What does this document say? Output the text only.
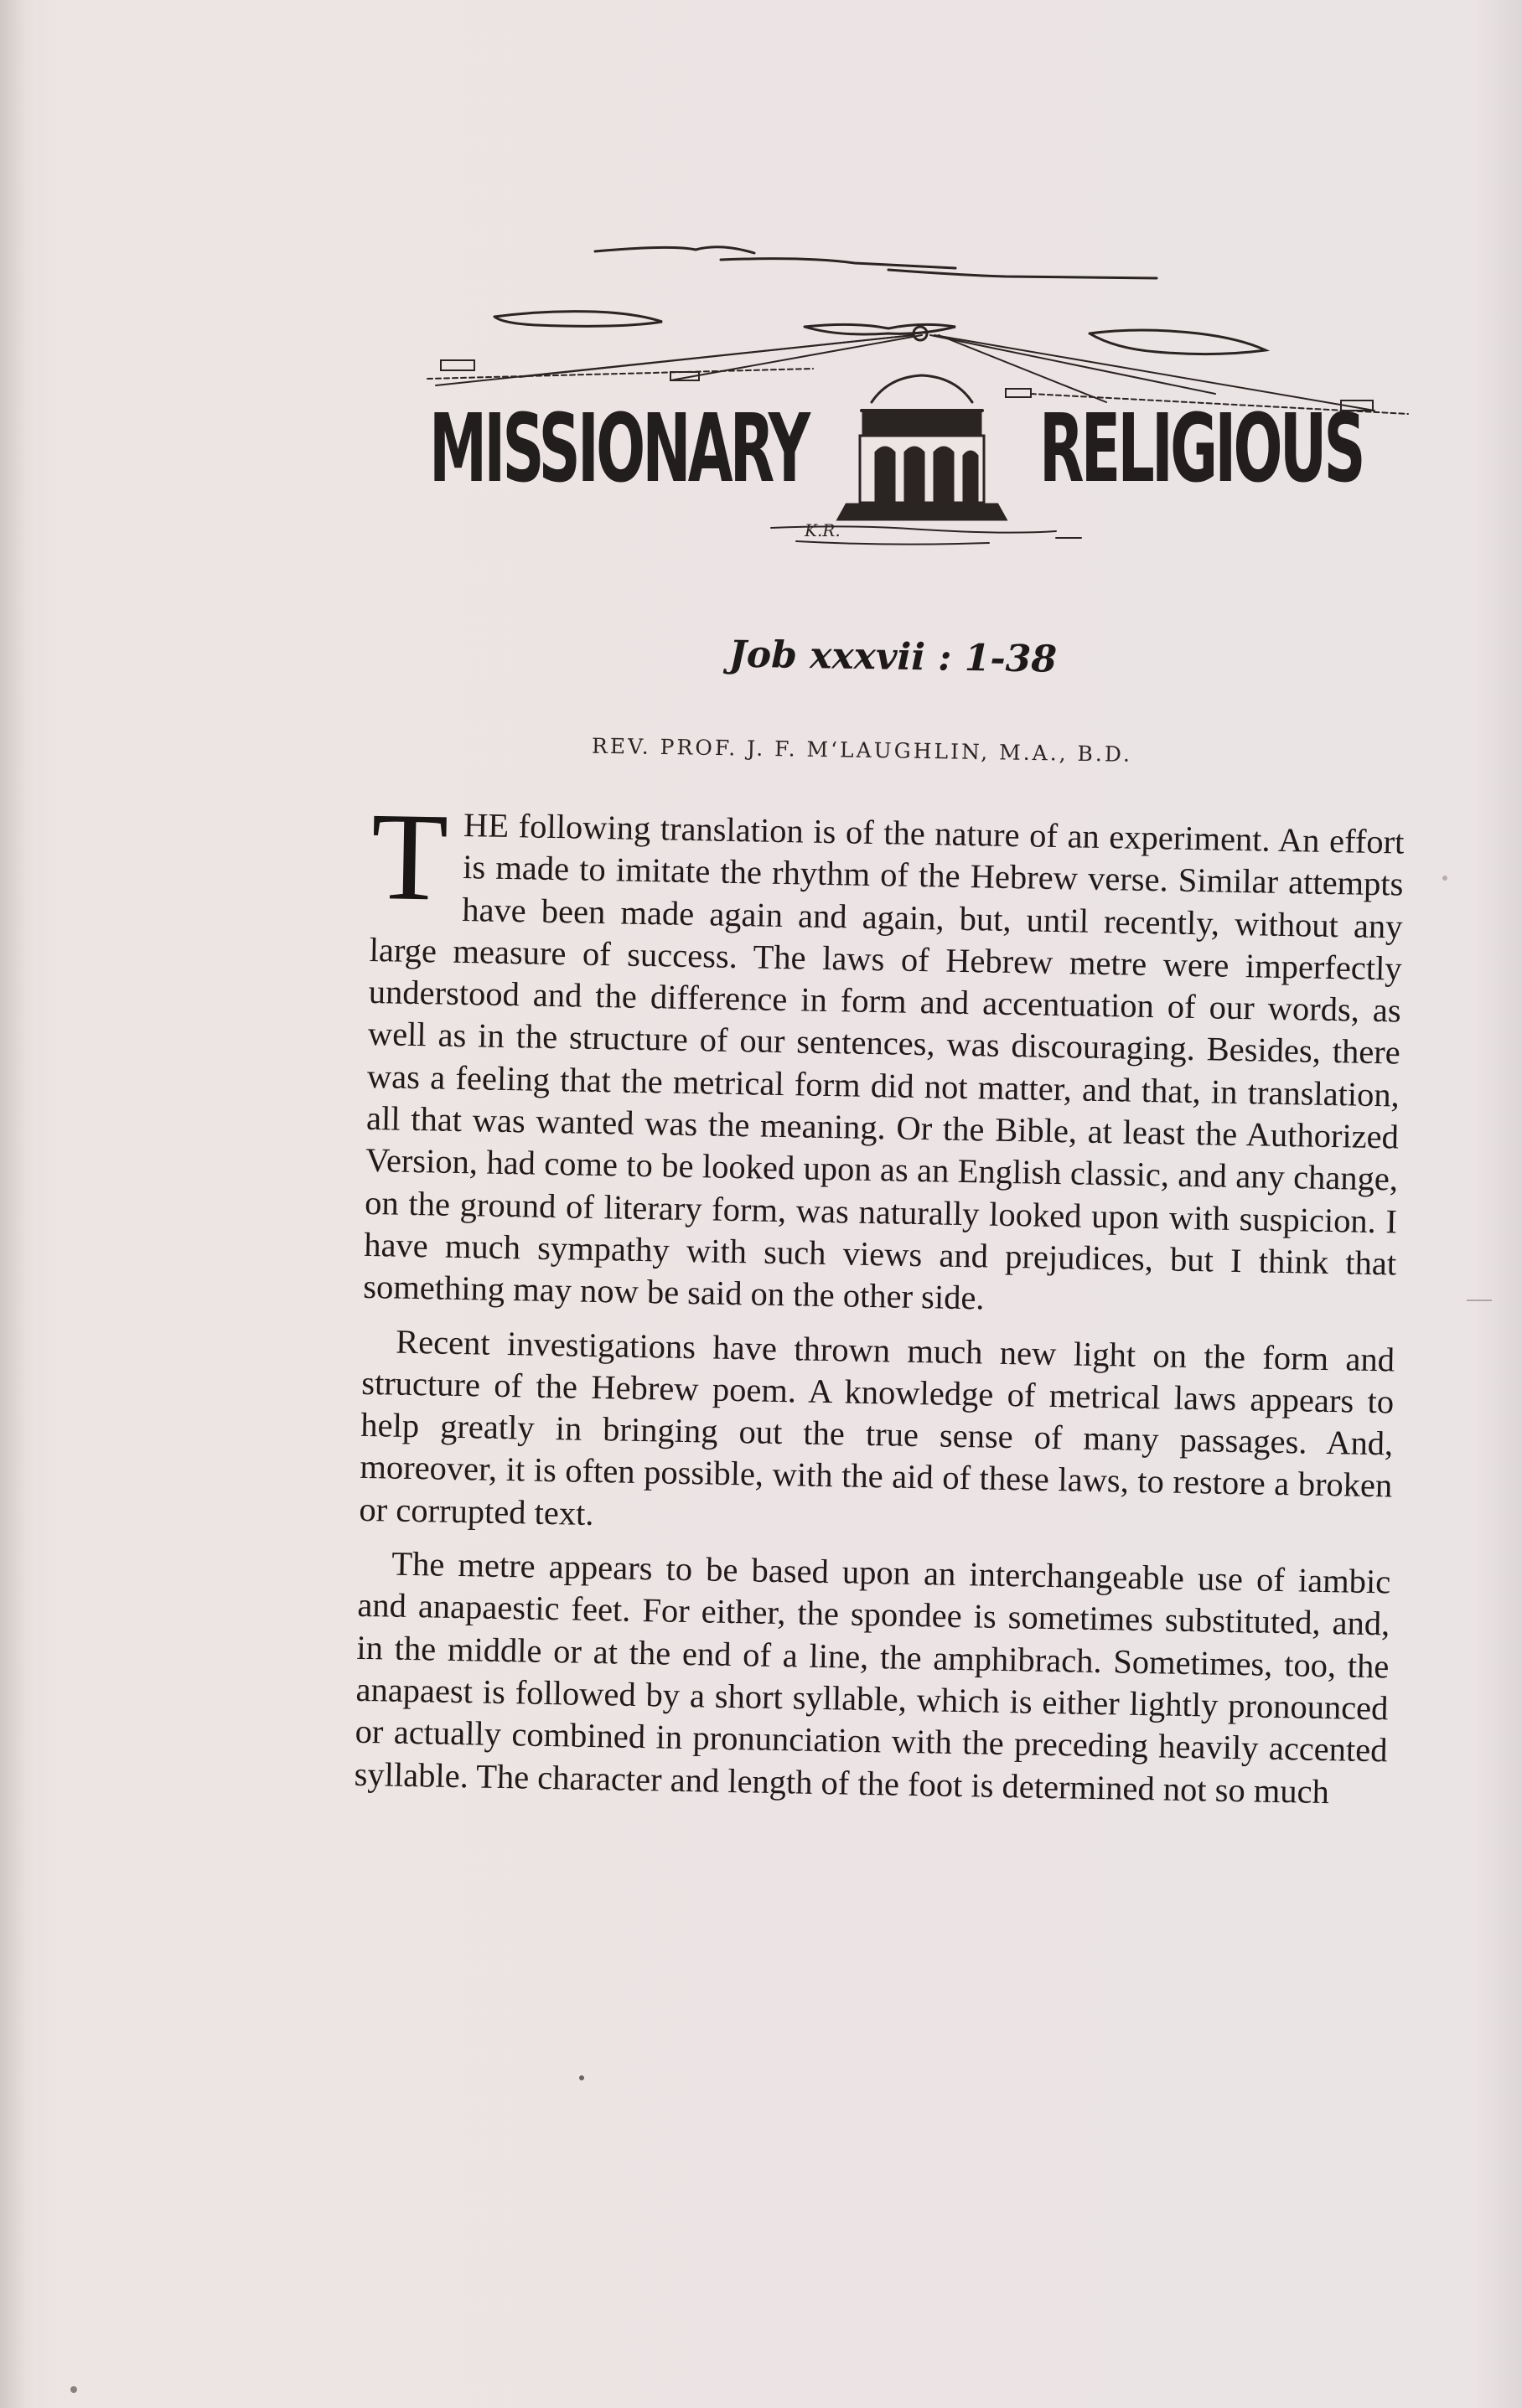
K.R.
MISSIONARY RELIGIOUS
Job xxxvii : 1-38
REV. PROF. J. F. M‘LAUGHLIN, M.A., B.D.

T HE following translation is of the nature of an experiment. An effort is made to imitate the rhythm of the Hebrew verse. Similar attempts have been made again and again, but, until recently, without any large measure of success. The laws of Hebrew metre were imperfectly understood and the difference in form and accentuation of our words, as well as in the structure of our sentences, was discouraging. Besides, there was a feeling that the metrical form did not matter, and that, in translation, all that was wanted was the meaning. Or the Bible, at least the Authorized Version, had come to be looked upon as an English classic, and any change, on the ground of literary form, was naturally looked upon with suspicion. I have much sympathy with such views and prejudices, but I think that something may now be said on the other side.

Recent investigations have thrown much new light on the form and structure of the Hebrew poem. A knowledge of metrical laws appears to help greatly in bringing out the true sense of many passages. And, moreover, it is often possible, with the aid of these laws, to restore a broken or corrupted text.

The metre appears to be based upon an interchangeable use of iambic and anapaestic feet. For either, the spondee is sometimes substituted, and, in the middle or at the end of a line, the amphibrach. Sometimes, too, the anapaest is followed by a short syllable, which is either lightly pronounced or actually combined in pronunciation with the preceding heavily accented syllable. The character and length of the foot is determined not so much
